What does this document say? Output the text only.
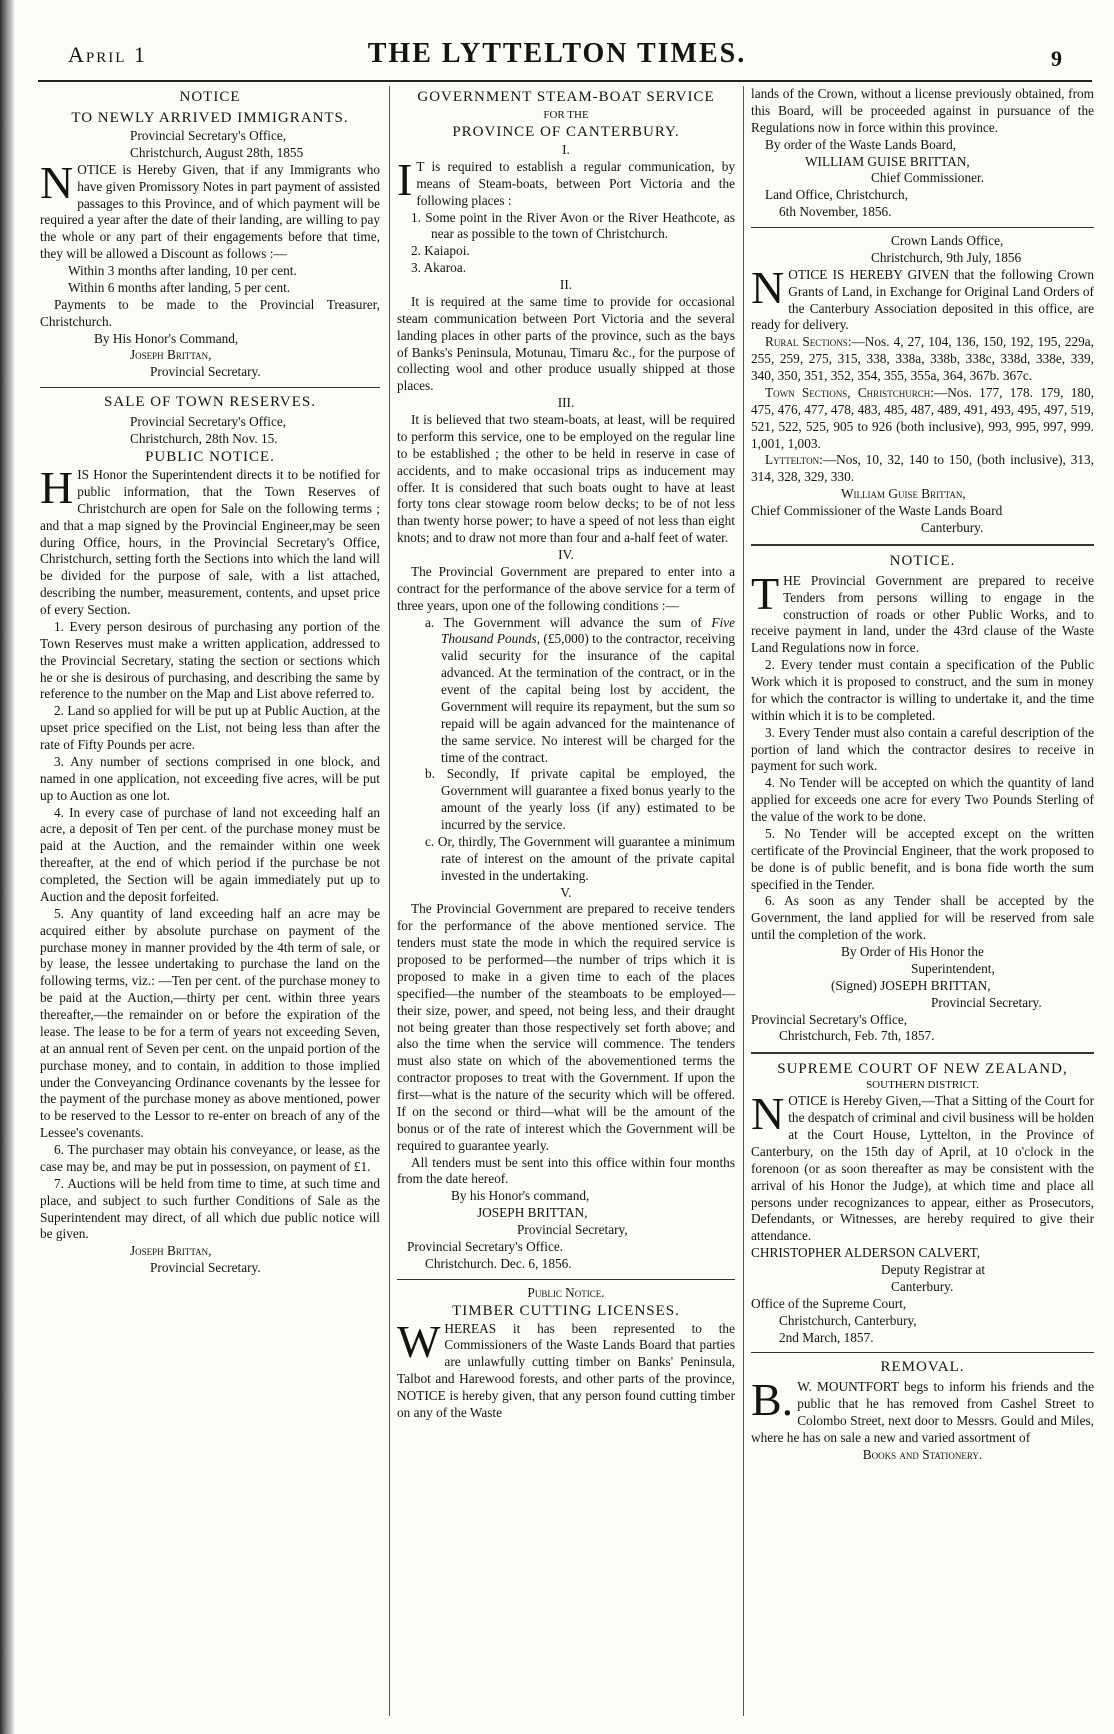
April 1	THE LYTTELTON TIMES.	9

NOTICE

TO NEWLY ARRIVED IMMIGRANTS.

Provincial Secretary's Office,

Christchurch, August 28th, 1855

NOTICE is Hereby Given, that if any Immigrants who have given Promissory Notes in part payment of assisted passages to this Province, and of which payment will be required a year after the date of their landing, are willing to pay the whole or any part of their engagements before that time, they will be allowed a Discount as follows :—

Within 3 months after landing, 10 per cent.

Within 6 months after landing, 5 per cent.

Payments to be made to the Provincial Treasurer, Christchurch.

By His Honor's Command,

Joseph Brittan,

Provincial Secretary.

SALE OF TOWN RESERVES.

Provincial Secretary's Office,

Christchurch, 28th Nov. 15.

PUBLIC NOTICE.

HIS Honor the Superintendent directs it to be notified for public information, that the Town Reserves of Christchurch are open for Sale on the following terms ; and that a map signed by the Provincial Engineer,may be seen during Office, hours, in the Provincial Secretary's Office, Christchurch, setting forth the Sections into which the land will be divided for the purpose of sale, with a list attached, describing the number, measurement, contents, and upset price of every Section.

1. Every person desirous of purchasing any portion of the Town Reserves must make a written application, addressed to the Provincial Secretary, stating the section or sections which he or she is desirous of purchasing, and describing the same by reference to the number on the Map and List above referred to.

2. Land so applied for will be put up at Public Auction, at the upset price specified on the List, not being less than after the rate of Fifty Pounds per acre.

3. Any number of sections comprised in one block, and named in one application, not exceeding five acres, will be put up to Auction as one lot.

4. In every case of purchase of land not exceeding half an acre, a deposit of Ten per cent. of the purchase money must be paid at the Auction, and the remainder within one week thereafter, at the end of which period if the purchase be not completed, the Section will be again immediately put up to Auction and the deposit forfeited.

5. Any quantity of land exceeding half an acre may be acquired either by absolute purchase on payment of the purchase money in manner provided by the 4th term of sale, or by lease, the lessee undertaking to purchase the land on the following terms, viz.: —Ten per cent. of the purchase money to be paid at the Auction,—thirty per cent. within three years thereafter,—the remainder on or before the expiration of the lease. The lease to be for a term of years not exceeding Seven, at an annual rent of Seven per cent. on the unpaid portion of the purchase money, and to contain, in addition to those implied under the Conveyancing Ordinance covenants by the lessee for the payment of the purchase money as above mentioned, power to be reserved to the Lessor to re-enter on breach of any of the Lessee's covenants.

6. The purchaser may obtain his conveyance, or lease, as the case may be, and may be put in possession, on payment of £1.

7. Auctions will be held from time to time, at such time and place, and subject to such further Conditions of Sale as the Superintendent may direct, of all which due public notice will be given.

Joseph Brittan,

Provincial Secretary.

GOVERNMENT STEAM-BOAT SERVICE

FOR THE

PROVINCE OF CANTERBURY.

I.

I T is required to establish a regular communication, by means of Steam-boats, between Port Victoria and the following places :

1. Some point in the River Avon or the River Heathcote, as near as possible to the town of Christchurch.

2. Kaiapoi.

3. Akaroa.

II.

It is required at the same time to provide for occasional steam communication between Port Victoria and the several landing places in other parts of the province, such as the bays of Banks's Peninsula, Motunau, Timaru &c., for the purpose of collecting wool and other produce usually shipped at those places.

III.

It is believed that two steam-boats, at least, will be required to perform this service, one to be employed on the regular line to be established ; the other to be held in reserve in case of accidents, and to make occasional trips as inducement may offer. It is considered that such boats ought to have at least forty tons clear stowage room below decks; to be of not less than twenty horse power; to have a speed of not less than eight knots; and to draw not more than four and a-half feet of water.

IV.

The Provincial Government are prepared to enter into a contract for the performance of the above service for a term of three years, upon one of the following conditions :—

a. The Government will advance the sum of Five Thousand Pounds, (£5,000) to the contractor, receiving valid security for the insurance of the capital advanced. At the termination of the contract, or in the event of the capital being lost by accident, the Government will require its repayment, but the sum so repaid will be again advanced for the maintenance of the same service. No interest will be charged for the time of the contract.

b. Secondly, If private capital be employed, the Government will guarantee a fixed bonus yearly to the amount of the yearly loss (if any) estimated to be incurred by the service.

c. Or, thirdly, The Government will guarantee a minimum rate of interest on the amount of the private capital invested in the undertaking.

V.

The Provincial Government are prepared to receive tenders for the performance of the above mentioned service. The tenders must state the mode in which the required service is proposed to be performed—the number of trips which it is proposed to make in a given time to each of the places specified—the number of the steamboats to be employed—their size, power, and speed, not being less, and their draught not being greater than those respectively set forth above; and also the time when the service will commence. The tenders must also state on which of the abovementioned terms the contractor proposes to treat with the Government. If upon the first—what is the nature of the security which will be offered. If on the second or third—what will be the amount of the bonus or of the rate of interest which the Government will be required to guarantee yearly.

All tenders must be sent into this office within four months from the date hereof.

By his Honor's command,

JOSEPH BRITTAN,

Provincial Secretary,

Provincial Secretary's Office.

Christchurch. Dec. 6, 1856.

Public Notice.

TIMBER CUTTING LICENSES.

WHEREAS it has been represented to the Commissioners of the Waste Lands Board that parties are unlawfully cutting timber on Banks' Peninsula, Talbot and Harewood forests, and other parts of the province, NOTICE is hereby given, that any person found cutting timber on any of the Waste

lands of the Crown, without a license previously obtained, from this Board, will be proceeded against in pursuance of the Regulations now in force within this province.

By order of the Waste Lands Board,

WILLIAM GUISE BRITTAN,

Chief Commissioner.

Land Office, Christchurch,

6th November, 1856.

Crown Lands Office,

Christchurch, 9th July, 1856

NOTICE IS HEREBY GIVEN that the following Crown Grants of Land, in Exchange for Original Land Orders of the Canterbury Association deposited in this office, are ready for delivery.

Rural Sections:—Nos. 4, 27, 104, 136, 150, 192, 195, 229a, 255, 259, 275, 315, 338, 338a, 338b, 338c, 338d, 338e, 339, 340, 350, 351, 352, 354, 355, 355a, 364, 367b. 367c.

Town Sections, Christchurch:—Nos. 177, 178. 179, 180, 475, 476, 477, 478, 483, 485, 487, 489, 491, 493, 495, 497, 519, 521, 522, 525, 905 to 926 (both inclusive), 993, 995, 997, 999. 1,001, 1,003.

Lyttelton:—Nos, 10, 32, 140 to 150, (both inclusive), 313, 314, 328, 329, 330.

William Guise Brittan,

Chief Commissioner of the Waste Lands Board

Canterbury.

NOTICE.

THE Provincial Government are prepared to receive Tenders from persons willing to engage in the construction of roads or other Public Works, and to receive payment in land, under the 43rd clause of the Waste Land Regulations now in force.

2. Every tender must contain a specification of the Public Work which it is proposed to construct, and the sum in money for which the contractor is willing to undertake it, and the time within which it is to be completed.

3. Every Tender must also contain a careful description of the portion of land which the contractor desires to receive in payment for such work.

4. No Tender will be accepted on which the quantity of land applied for exceeds one acre for every Two Pounds Sterling of the value of the work to be done.

5. No Tender will be accepted except on the written certificate of the Provincial Engineer, that the work proposed to be done is of public benefit, and is bona fide worth the sum specified in the Tender.

6. As soon as any Tender shall be accepted by the Government, the land applied for will be reserved from sale until the completion of the work.

By Order of His Honor the

Superintendent,

(Signed) JOSEPH BRITTAN,

Provincial Secretary.

Provincial Secretary's Office,

Christchurch, Feb. 7th, 1857.

SUPREME COURT OF NEW ZEALAND,

SOUTHERN DISTRICT.

NOTICE is Hereby Given,—That a Sitting of the Court for the despatch of criminal and civil business will be holden at the Court House, Lyttelton, in the Province of Canterbury, on the 15th day of April, at 10 o'clock in the forenoon (or as soon thereafter as may be consistent with the arrival of his Honor the Judge), at which time and place all persons under recognizances to appear, either as Prosecutors, Defendants, or Witnesses, are hereby required to give their attendance.

CHRISTOPHER ALDERSON CALVERT,

Deputy Registrar at

Canterbury.

Office of the Supreme Court,

Christchurch, Canterbury,

2nd March, 1857.

REMOVAL.

B. W. MOUNTFORT begs to inform his friends and the public that he has removed from Cashel Street to Colombo Street, next door to Messrs. Gould and Miles, where he has on sale a new and varied assortment of

Books and Stationery.
